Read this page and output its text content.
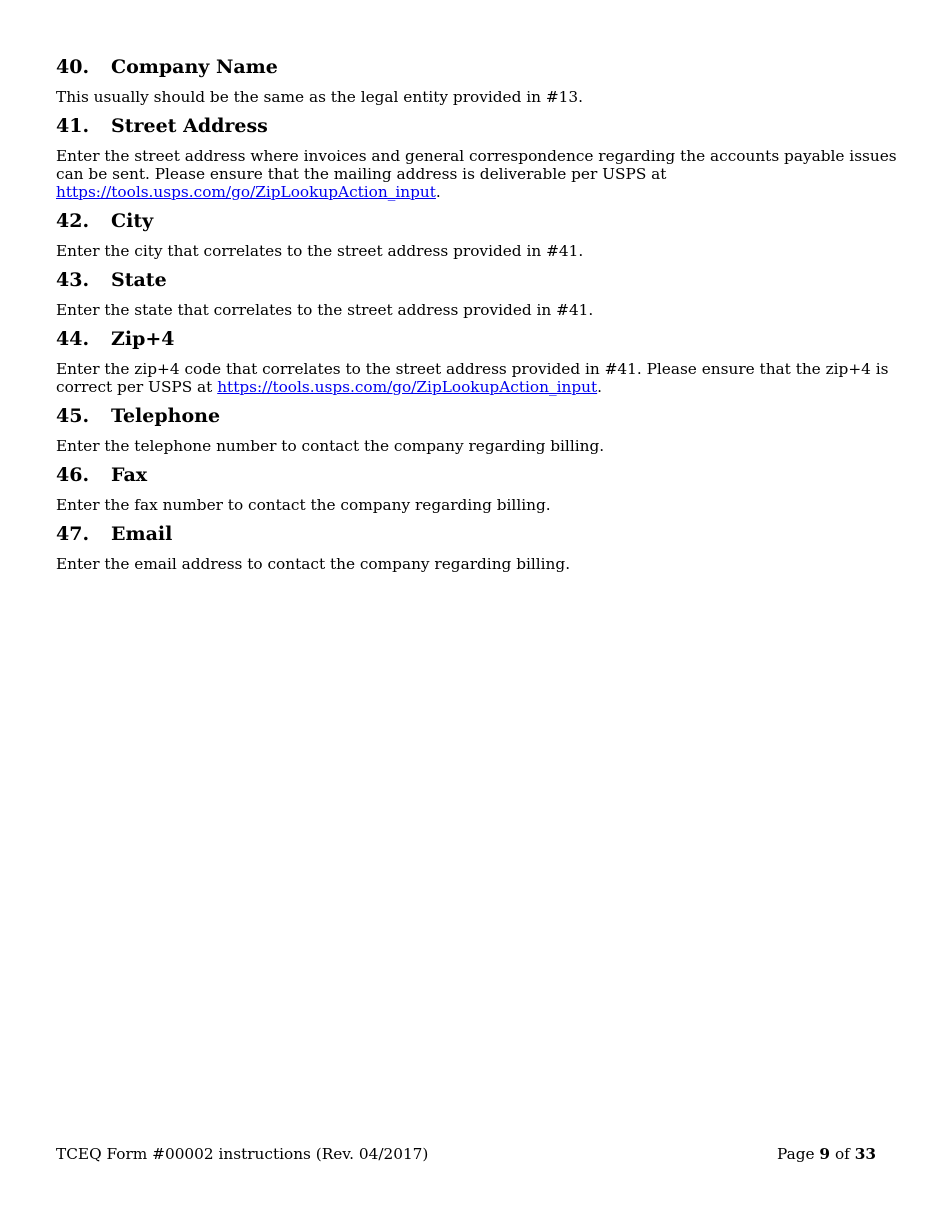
40.	Company Name

This usually should be the same as the legal entity provided in #13.

41.	Street Address

Enter the street address where invoices and general correspondence regarding the accounts payable issues can be sent. Please ensure that the mailing address is deliverable per USPS at https://tools.usps.com/go/ZipLookupAction_input.

42.	City

Enter the city that correlates to the street address provided in #41.

43.	State

Enter the state that correlates to the street address provided in #41.

44.	Zip+4

Enter the zip+4 code that correlates to the street address provided in #41. Please ensure that the zip+4 is correct per USPS at https://tools.usps.com/go/ZipLookupAction_input.

45.	Telephone

Enter the telephone number to contact the company regarding billing.

46.	Fax

Enter the fax number to contact the company regarding billing.

47.	Email

Enter the email address to contact the company regarding billing.

TCEQ Form #00002 instructions (Rev. 04/2017)	Page 9 of 33
